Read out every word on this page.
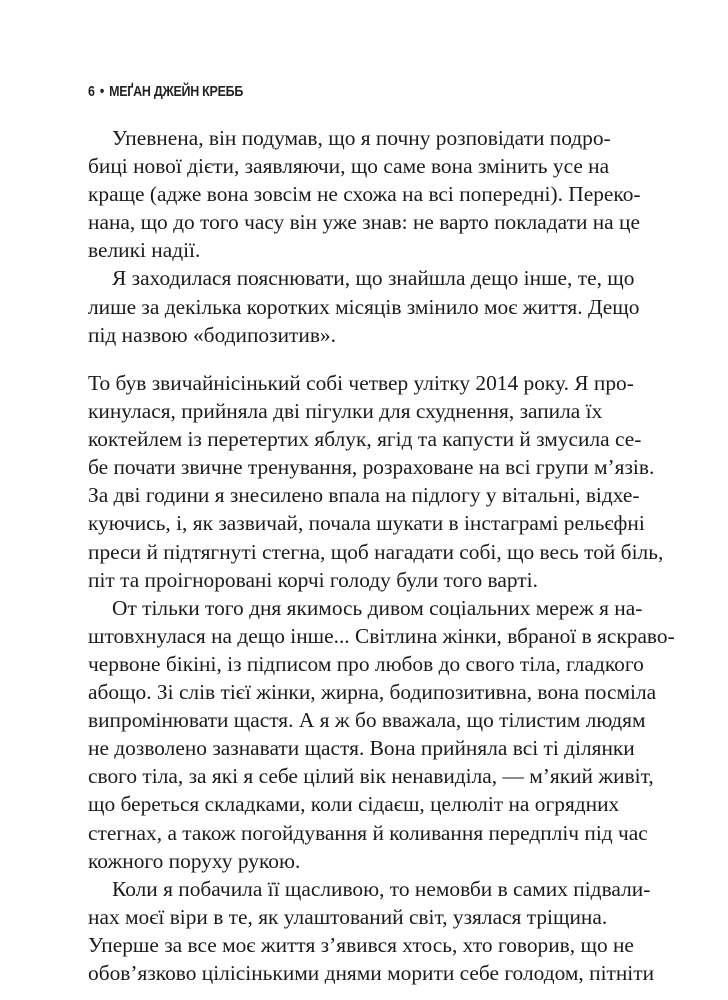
6 • МЕҐАН ДЖЕЙН КРЕББ
Упевнена, він подумав, що я почну розповідати подро-
биці нової дієти, заявляючи, що саме вона змінить усе на
краще (адже вона зовсім не схожа на всі попередні). Переко-
нана, що до того часу він уже знав: не варто покладати на це
великі надії.
Я заходилася пояснювати, що знайшла дещо інше, те, що
лише за декілька коротких місяців змінило моє життя. Дещо
під назвою «бодипозитив».
То був звичайнісінький собі четвер улітку 2014 року. Я про-
кинулася, прийняла дві пігулки для схуднення, запила їх
коктейлем із перетертих яблук, ягід та капусти й змусила се-
бе почати звичне тренування, розраховане на всі групи м’язів.
За дві години я знесилено впала на підлогу у вітальні, відхе-
куючись, і, як зазвичай, почала шукати в інстаграмі рельєфні
преси й підтягнуті стегна, щоб нагадати собі, що весь той біль,
піт та проігноровані корчі голоду були того варті.
От тільки того дня якимось дивом соціальних мереж я на-
штовхнулася на дещо інше... Світлина жінки, вбраної в яскраво-
червоне бікіні, із підписом про любов до свого тіла, гладкого
абощо. Зі слів тієї жінки, жирна, бодипозитивна, вона посміла
випромінювати щастя. А я ж бо вважала, що тілистим людям
не дозволено зазнавати щастя. Вона прийняла всі ті ділянки
свого тіла, за які я себе цілий вік ненавиділа, — м’який живіт,
що береться складками, коли сідаєш, целюліт на огрядних
стегнах, а також погойдування й коливання передпліч під час
кожного поруху рукою.
Коли я побачила її щасливою, то немовби в самих підвали-
нах моєї віри в те, як улаштований світ, узялася тріщина.
Уперше за все моє життя з’явився хтось, хто говорив, що не
обов’язково цілісінькими днями морити себе голодом, пітніти
